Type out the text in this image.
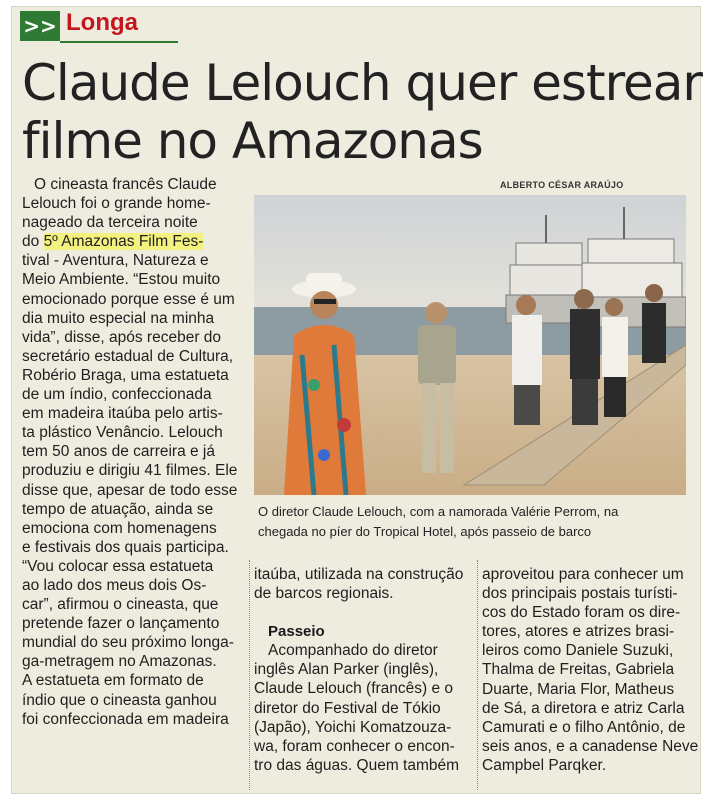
>> Longa
Claude Lelouch quer estrear
filme no Amazonas
ALBERTO CÉSAR ARAÚJO
O diretor Claude Lelouch, com a namorada Valérie Perrom, na
chegada no píer do Tropical Hotel, após passeio de barco
O cineasta francês Claude
Lelouch foi o grande home-
nageado da terceira noite
do 5º Amazonas Film Fes-
tival - Aventura, Natureza e
Meio Ambiente. “Estou muito
emocionado porque esse é um
dia muito especial na minha
vida”, disse, após receber do
secretário estadual de Cultura,
Robério Braga, uma estatueta
de um índio, confeccionada
em madeira itaúba pelo artis-
ta plástico Venâncio. Lelouch
tem 50 anos de carreira e já
produziu e dirigiu 41 filmes. Ele
disse que, apesar de todo esse
tempo de atuação, ainda se
emociona com homenagens
e festivais dos quais participa.
“Vou colocar essa estatueta
ao lado dos meus dois Os-
car”, afirmou o cineasta, que
pretende fazer o lançamento
mundial do seu próximo longa-
ga-metragem no Amazonas.
A estatueta em formato de
índio que o cineasta ganhou
foi confeccionada em madeira
itaúba, utilizada na construção
de barcos regionais.
Passeio
Acompanhado do diretor
inglês Alan Parker (inglês),
Claude Lelouch (francês) e o
diretor do Festival de Tókio
(Japão), Yoichi Komatzouza-
wa, foram conhecer o encon-
tro das águas. Quem também
aproveitou para conhecer um
dos principais postais turísti-
cos do Estado foram os dire-
tores, atores e atrizes brasi-
leiros como Daniele Suzuki,
Thalma de Freitas, Gabriela
Duarte, Maria Flor, Matheus
de Sá, a diretora e atriz Carla
Camurati e o filho Antônio, de
seis anos, e a canadense Neve
Campbel Parqker.
